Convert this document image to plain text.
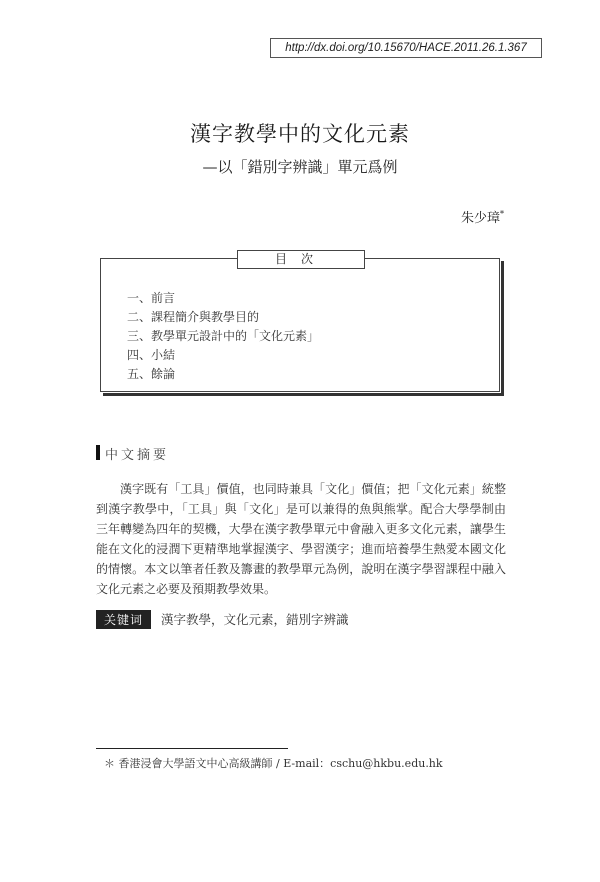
http://dx.doi.org/10.15670/HACE.2011.26.1.367
漢字教學中的文化元素
—以「錯別字辨識」單元爲例
朱少璋*
目次
一、前言
二、課程簡介與教學目的
三、教學單元設計中的「文化元素」
四、小結
五、餘論
中文摘要

漢字既有「工具」價值，也同時兼具「文化」價值；把「文化元素」統整到漢字教學中，「工具」與「文化」是可以兼得的魚與熊掌。配合大學學制由三年轉變為四年的契機，大學在漢字教學單元中會融入更多文化元素，讓學生能在文化的浸潤下更精準地掌握漢字、學習漢字；進而培養學生熱愛本國文化的情懷。本文以筆者任教及籌畫的教學單元為例，說明在漢字學習課程中融入文化元素之必要及預期教學效果。

关键词 漢字教學，文化元素，錯別字辨識
＊ 香港浸會大學語文中心高級講師 / E-mail：cschu@hkbu.edu.hk
